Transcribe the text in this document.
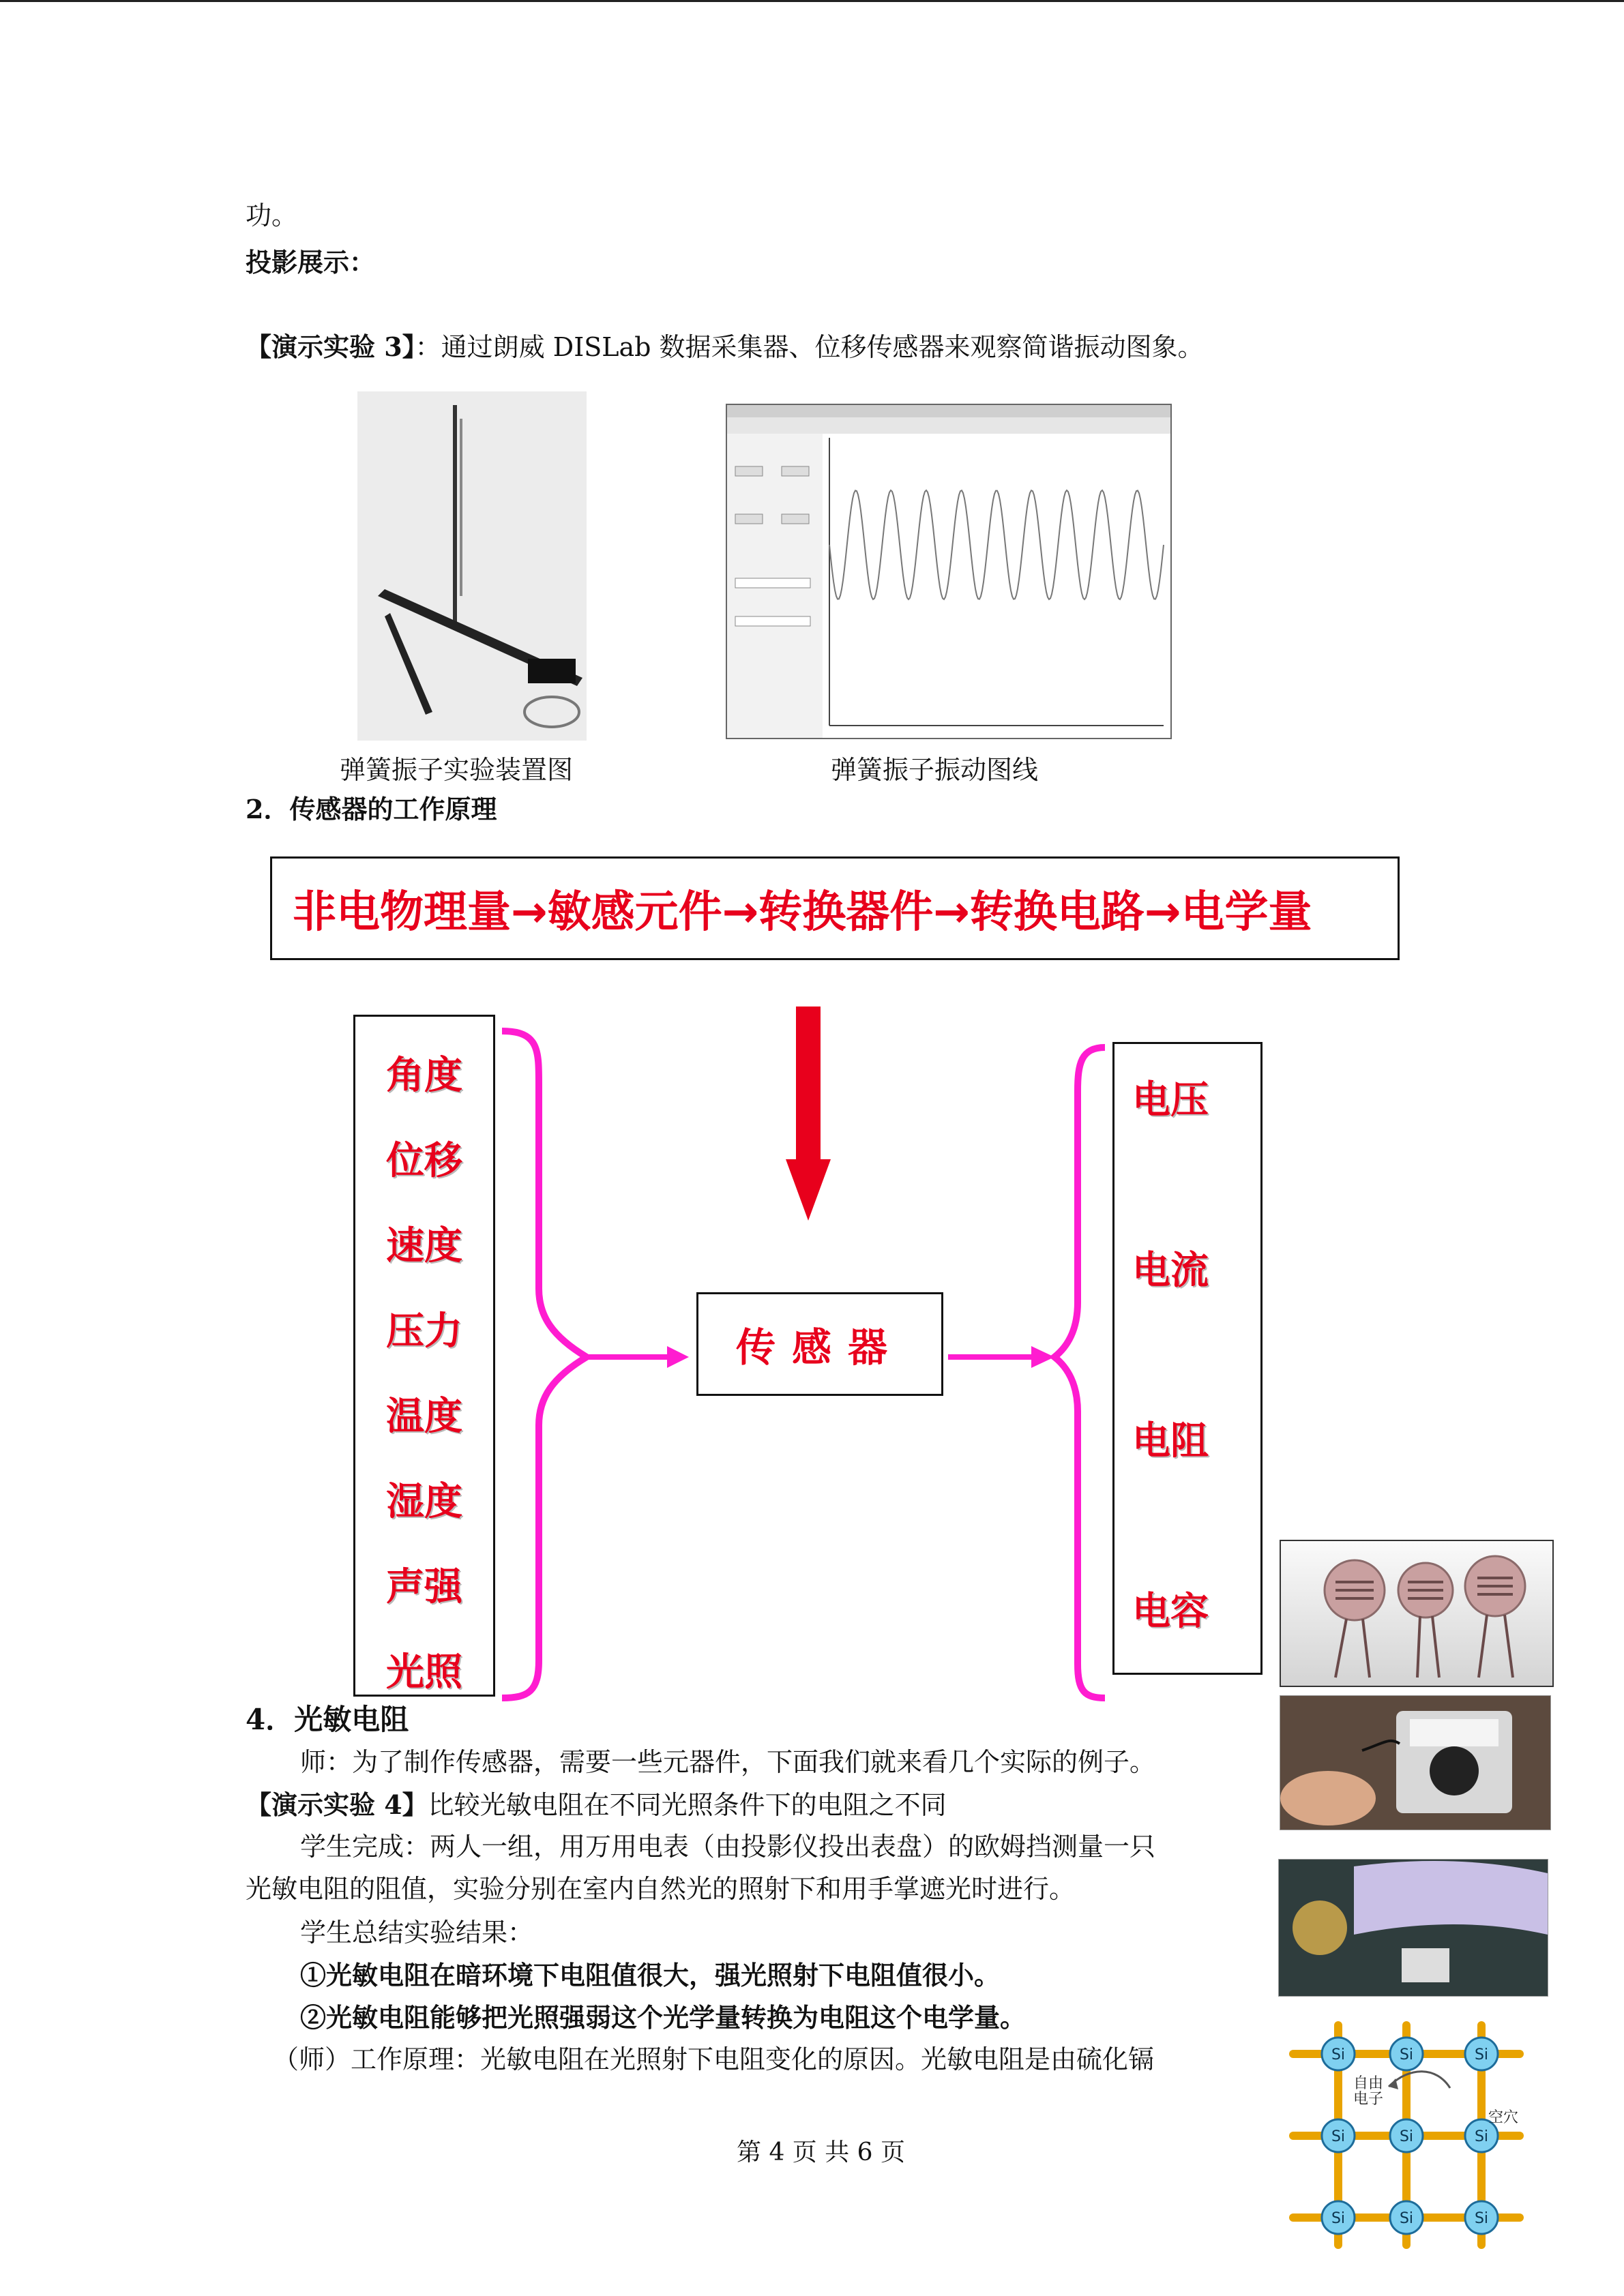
功。
投影展示：
【演示实验 3】：通过朗威 DISLab 数据采集器、位移传感器来观察简谐振动图象。
弹簧振子实验装置图	弹簧振子振动图线
2．传感器的工作原理
非电物理量→敏感元件→转换器件→转换电路→电学量
角度
位移
速度
压力
温度
湿度
声强
光照
电压
电流
电阻
电容
传感器
4．光敏电阻
师：为了制作传感器，需要一些元器件，下面我们就来看几个实际的例子。
【演示实验 4】比较光敏电阻在不同光照条件下的电阻之不同
学生完成：两人一组，用万用电表（由投影仪投出表盘）的欧姆挡测量一只
光敏电阻的阻值，实验分别在室内自然光的照射下和用手掌遮光时进行。
学生总结实验结果：
①光敏电阻在暗环境下电阻值很大，强光照射下电阻值很小。
②光敏电阻能够把光照强弱这个光学量转换为电阻这个电学量。
（师）工作原理：光敏电阻在光照射下电阻变化的原因。光敏电阻是由硫化镉	Si	Si	Si
Si	Si	Si
Si	Si	Si
自由
电子
空穴
第 4 页 共 6 页
